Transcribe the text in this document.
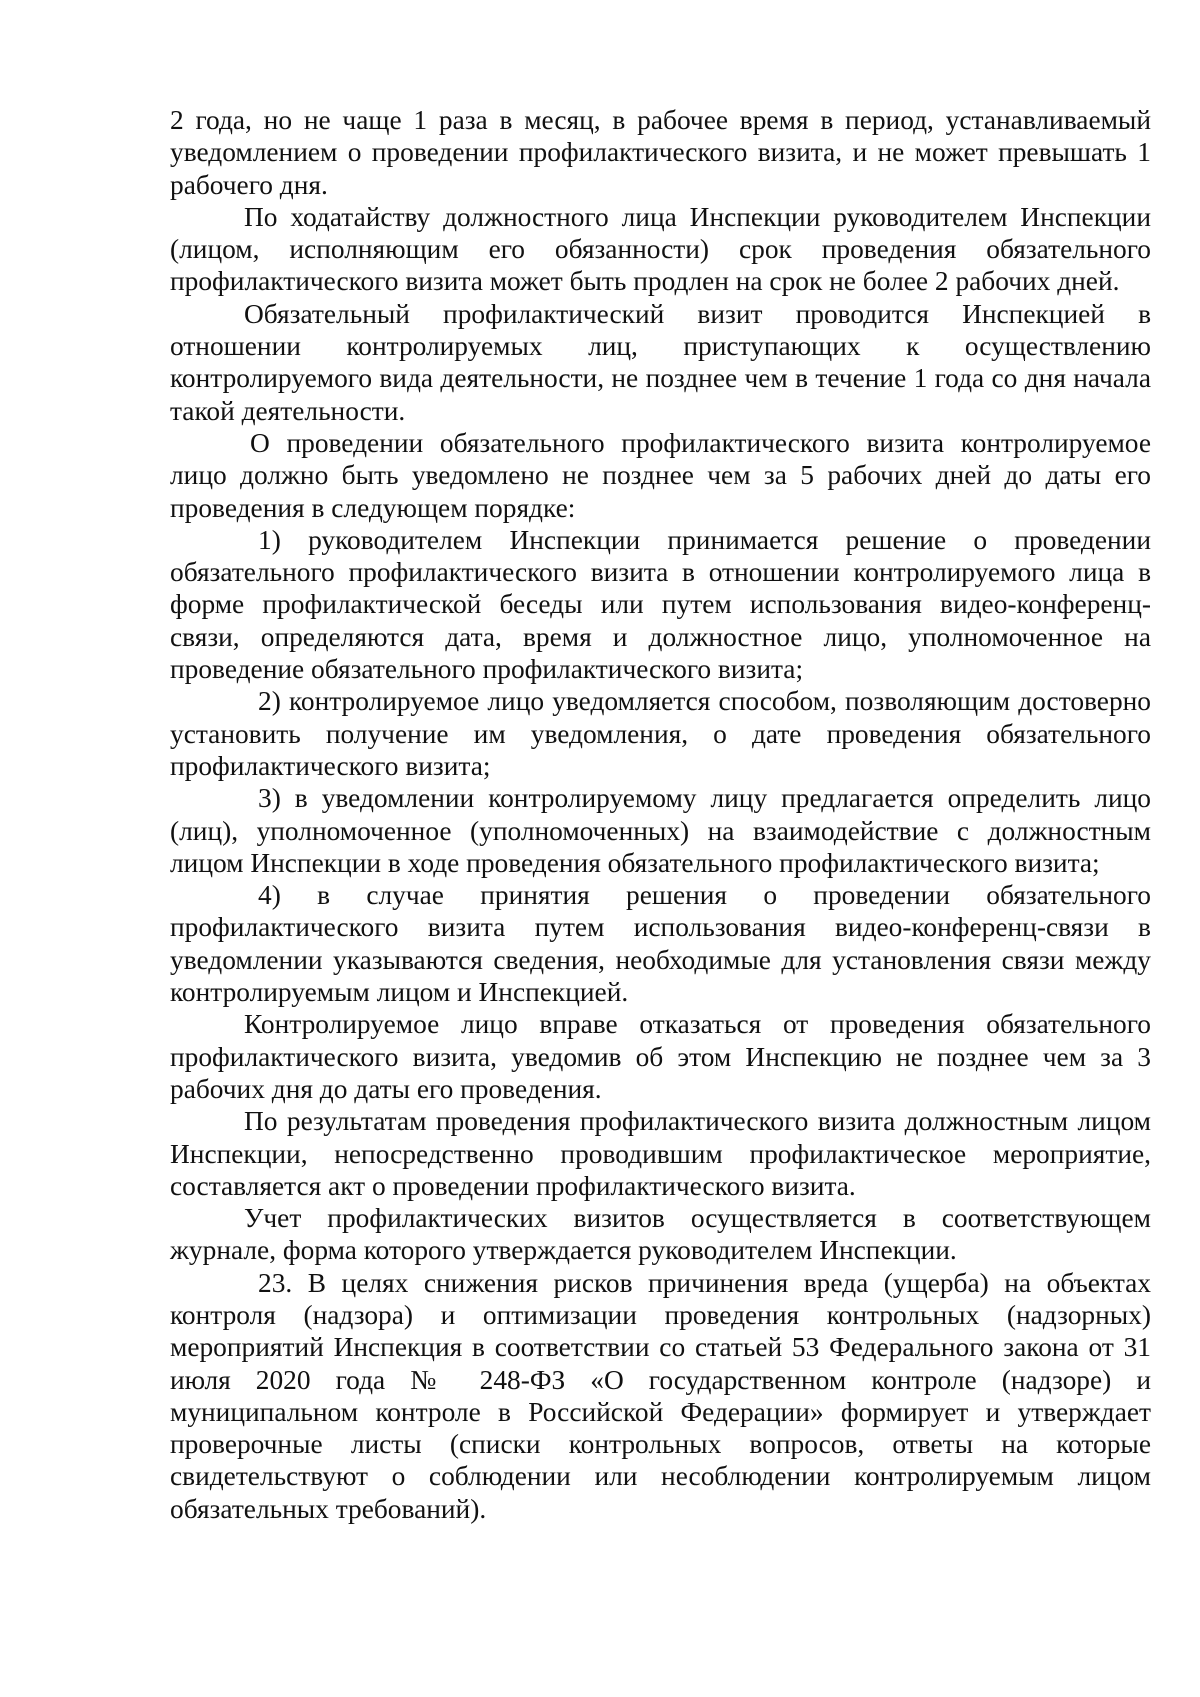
2 года, но не чаще 1 раза в месяц, в рабочее время в период, устанавливаемый уведомлением о проведении профилактического визита, и не может превышать 1 рабочего дня.

По ходатайству должностного лица Инспекции руководителем Инспекции (лицом, исполняющим его обязанности) срок проведения обязательного профилактического визита может быть продлен на срок не более 2 рабочих дней.

Обязательный профилактический визит проводится Инспекцией в отношении контролируемых лиц, приступающих к осуществлению контролируемого вида деятельности, не позднее чем в течение 1 года со дня начала такой деятельности.

О проведении обязательного профилактического визита контролируемое лицо должно быть уведомлено не позднее чем за 5 рабочих дней до даты его проведения в следующем порядке:

1) руководителем Инспекции принимается решение о проведении обязательного профилактического визита в отношении контролируемого лица в форме профилактической беседы или путем использования видео-конференц-связи, определяются дата, время и должностное лицо, уполномоченное на проведение обязательного профилактического визита;

2) контролируемое лицо уведомляется способом, позволяющим достоверно установить получение им уведомления, о дате проведения обязательного профилактического визита;

3) в уведомлении контролируемому лицу предлагается определить лицо (лиц), уполномоченное (уполномоченных) на взаимодействие с должностным лицом Инспекции в ходе проведения обязательного профилактического визита;

4) в случае принятия решения о проведении обязательного профилактического визита путем использования видео-конференц-связи в уведомлении указываются сведения, необходимые для установления связи между контролируемым лицом и Инспекцией.

Контролируемое лицо вправе отказаться от проведения обязательного профилактического визита, уведомив об этом Инспекцию не позднее чем за 3 рабочих дня до даты его проведения.

По результатам проведения профилактического визита должностным лицом Инспекции, непосредственно проводившим профилактическое мероприятие, составляется акт о проведении профилактического визита.

Учет профилактических визитов осуществляется в соответствующем журнале, форма которого утверждается руководителем Инспекции.

23. В целях снижения рисков причинения вреда (ущерба) на объектах контроля (надзора) и оптимизации проведения контрольных (надзорных) мероприятий Инспекция в соответствии со статьей 53 Федерального закона от 31 июля 2020 года № 248-ФЗ «О государственном контроле (надзоре) и муниципальном контроле в Российской Федерации» формирует и утверждает проверочные листы (списки контрольных вопросов, ответы на которые свидетельствуют о соблюдении или несоблюдении контролируемым лицом обязательных требований).
